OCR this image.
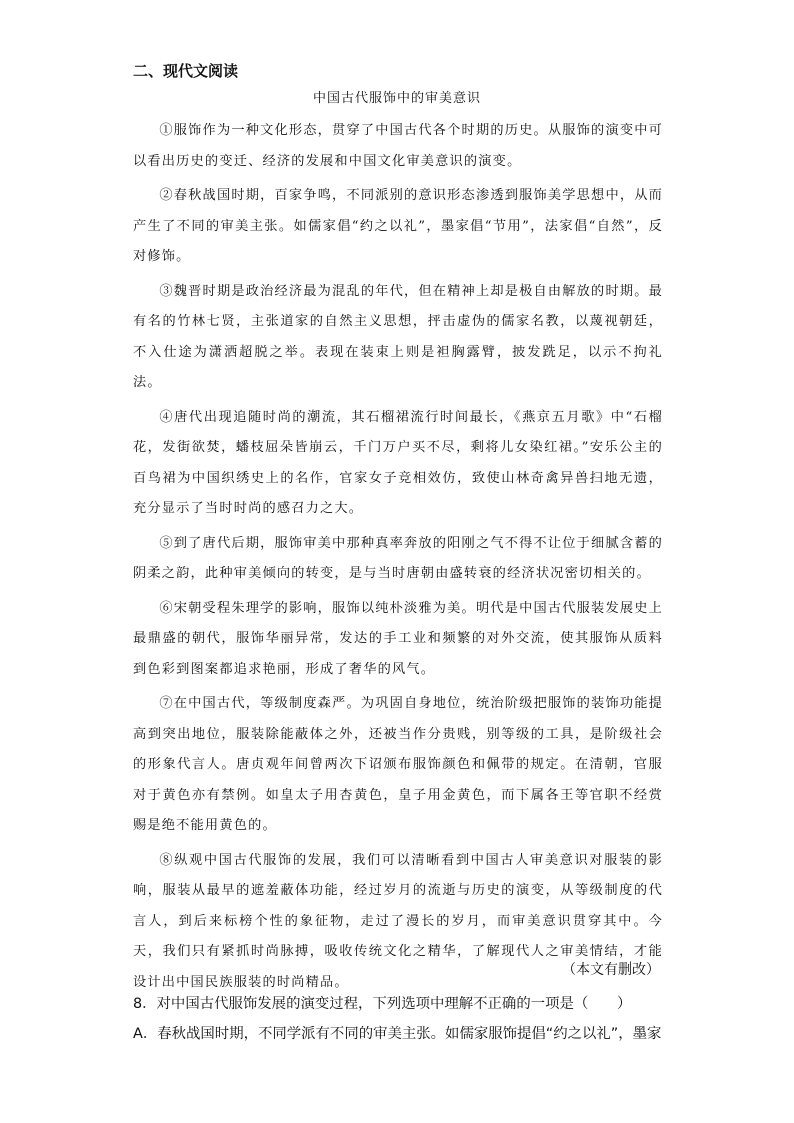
二、现代文阅读
中国古代服饰中的审美意识

①服饰作为一种文化形态，贯穿了中国古代各个时期的历史。从服饰的演变中可以看出历史的变迁、经济的发展和中国文化审美意识的演变。

②春秋战国时期，百家争鸣，不同派别的意识形态渗透到服饰美学思想中，从而产生了不同的审美主张。如儒家倡“约之以礼”，墨家倡“节用”，法家倡“自然”，反对修饰。

③魏晋时期是政治经济最为混乱的年代，但在精神上却是极自由解放的时期。最有名的竹林七贤，主张道家的自然主义思想，抨击虚伪的儒家名教，以蔑视朝廷，不入仕途为潇洒超脱之举。表现在装束上则是袒胸露臂，披发跣足，以示不拘礼法。

④唐代出现追随时尚的潮流，其石榴裙流行时间最长，《燕京五月歌》中“石榴花，发街欲焚，蟠枝屈朵皆崩云，千门万户买不尽，剩将儿女染红裙。”安乐公主的百鸟裙为中国织绣史上的名作，官家女子竞相效仿，致使山林奇禽异兽扫地无遗，充分显示了当时时尚的感召力之大。

⑤到了唐代后期，服饰审美中那种真率奔放的阳刚之气不得不让位于细腻含蓄的阴柔之韵，此种审美倾向的转变，是与当时唐朝由盛转衰的经济状况密切相关的。

⑥宋朝受程朱理学的影响，服饰以纯朴淡雅为美。明代是中国古代服装发展史上最鼎盛的朝代，服饰华丽异常，发达的手工业和频繁的对外交流，使其服饰从质料到色彩到图案都追求艳丽，形成了奢华的风气。

⑦在中国古代，等级制度森严。为巩固自身地位，统治阶级把服饰的装饰功能提高到突出地位，服装除能蔽体之外，还被当作分贵贱，别等级的工具，是阶级社会的形象代言人。唐贞观年间曾两次下诏颁布服饰颜色和佩带的规定。在清朝，官服对于黄色亦有禁例。如皇太子用杏黄色，皇子用金黄色，而下属各王等官职不经赏赐是绝不能用黄色的。

⑧纵观中国古代服饰的发展，我们可以清晰看到中国古人审美意识对服装的影响，服装从最早的遮羞蔽体功能，经过岁月的流逝与历史的演变，从等级制度的代言人，到后来标榜个性的象征物，走过了漫长的岁月，而审美意识贯穿其中。今天，我们只有紧抓时尚脉搏，吸收传统文化之精华，了解现代人之审美情结，才能设计出中国民族服装的时尚精品。

（本文有删改）
8．对中国古代服饰发展的演变过程，下列选项中理解不正确的一项是（　　）
A．春秋战国时期，不同学派有不同的审美主张。如儒家服饰提倡“约之以礼”，墨家
